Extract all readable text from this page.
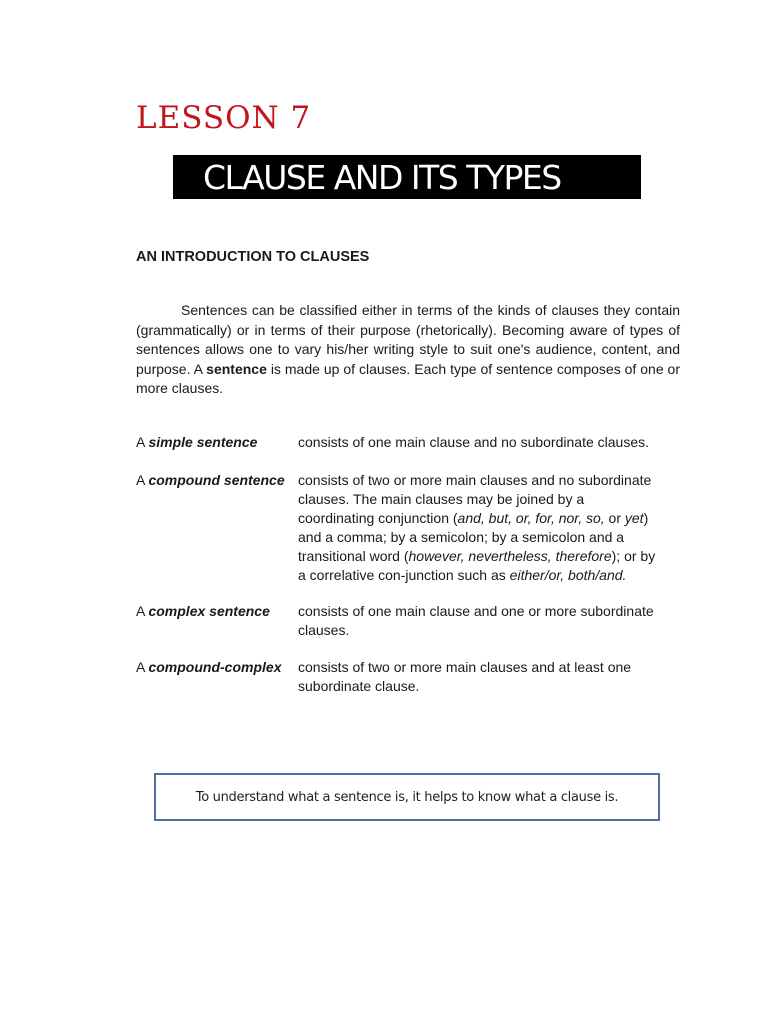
LESSON 7
CLAUSE AND ITS TYPES
AN INTRODUCTION TO CLAUSES

Sentences can be classified either in terms of the kinds of clauses they contain (grammatically) or in terms of their purpose (rhetorically). Becoming aware of types of sentences allows one to vary his/her writing style to suit one's audience, content, and purpose. A sentence is made up of clauses. Each type of sentence composes of one or more clauses.

A simple sentence	consists of one main clause and no subordinate clauses.
A compound sentence consists of two or more main clauses and no subordinate clauses. The main clauses may be joined by a coordinating conjunction (and, but, or, for, nor, so, or yet) and a comma; by a semicolon; by a semicolon and a transitional word (however, nevertheless, therefore); or by a correlative con-junction such as either/or, both/and.
A complex sentence consists of one main clause and one or more subordinate clauses.
A compound-complex consists of two or more main clauses and at least one subordinate clause.
To understand what a sentence is, it helps to know what a clause is.
